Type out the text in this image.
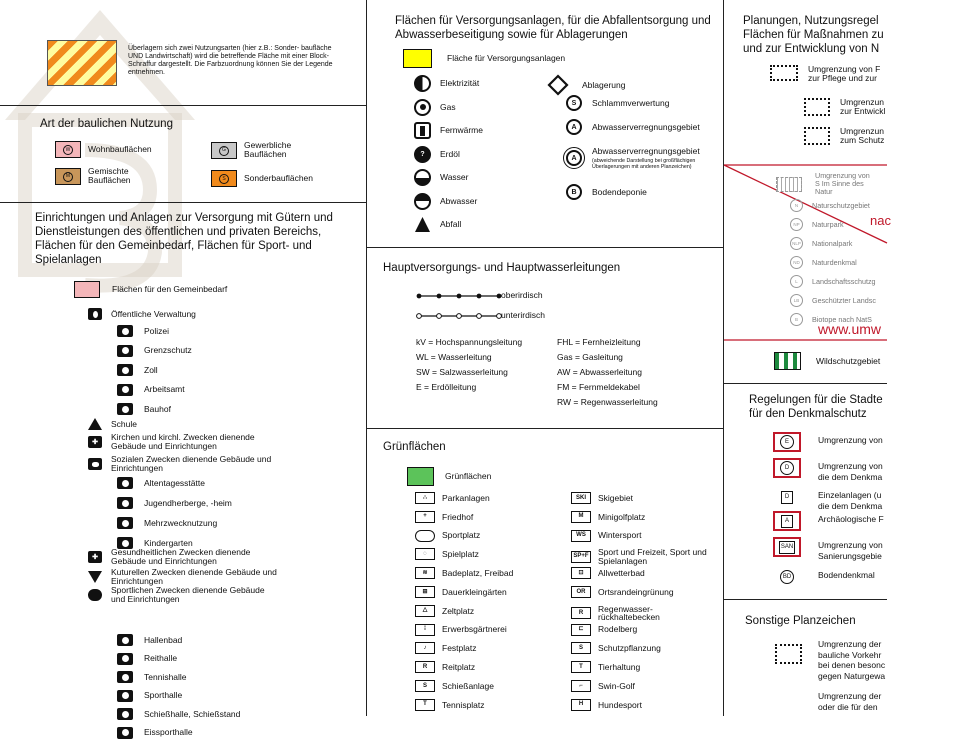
Überlagern sich zwei Nutzungsarten (hier z.B.: Sonder- baufläche UND Landwirtschaft) wird die betreffende Fläche mit einer Block-Schraffur dargestellt. Die Farbzuordnung können Sie der Legende entnehmen.
Art der baulichen Nutzung
W	Wohnbauflächen	G	Gewerbliche Bauflächen
M	Gemischte Bauflächen	S	Sonderbauflächen
Einrichtungen und Anlagen zur Versorgung mit Gütern und Dienstleistungen des öffentlichen und privaten Bereichs, Flächen für den Gemeinbedarf, Flächen für Sport- und Spielanlagen
Flächen für den Gemeinbedarf
Öffentliche Verwaltung
Polizei
Grenzschutz
Zoll
Arbeitsamt
Bauhof
Schule
✚	Kirchen und kirchl. Zwecken dienende Gebäude und Einrichtungen
Sozialen Zwecken dienende Gebäude und Einrichtungen
Altentagesstätte
Jugendherberge, -heim
Mehrzwecknutzung
Kindergarten
✚	Gesundheitlichen Zwecken dienende Gebäude und Einrichtungen
Kuturellen Zwecken dienende Gebäude und Einrichtungen
Sportlichen Zwecken dienende Gebäude und Einrichtungen
Hallenbad
Reithalle
Tennishalle
Sporthalle
Schießhalle, Schießstand
Eissporthalle
Flächen für Versorgungsanlagen, für die Abfallentsorgung und Abwasserbeseitigung sowie für Ablagerungen
Fläche für Versorgungsanlagen
Elektrizität
Gas
Fernwärme
?	Erdöl
Wasser
Abwasser
Abfall
Ablagerung
S	Schlammverwertung
A	Abwasserverregnungsgebiet
A
Abwasserverregnungsgebiet
(abweichende Darstellung bei großflächigen Überlagerungen mit anderen Planzeichen)
B	Bodendeponie
Hauptversorgungs- und Hauptwasserleitungen
oberirdisch
unterirdisch
kV = Hochspannungsleitung
WL = Wasserleitung
SW = Salzwasserleitung
E = Erdölleitung
FHL = Fernheizleitung
Gas = Gasleitung
AW = Abwasserleitung
FM = Fernmeldekabel
RW = Regenwasserleitung
Grünflächen
Grünflächen
∴	Parkanlagen
+	Friedhof
Sportplatz
◌	Spielplatz
≋	Badeplatz, Freibad
⊞	Dauerkleingärten
△	Zeltplatz
⁞	Erwerbsgärtnerei
♪	Festplatz
R	Reitplatz
S	Schießanlage
T	Tennisplatz
SKI	Skigebiet
M	Minigolfplatz
WS	Wintersport
SP+F Sport und Freizeit, Sport und Spielanlagen
⊡	Allwetterbad
OR	Ortsrandeingrünung
R	Regenwasser-rückhaltebecken
⊏	Rodelberg
S	Schutzpflanzung
T	Tierhaltung
⌐	Swin-Golf
H	Hundesport
Planungen, Nutzungsregel
Flächen für Maßnahmen zu
und zur Entwicklung von N
Umgrenzung von F zur Pflege und zur
Umgrenzun zur Entwickl
Umgrenzun zum Schutz
Umgrenzung von S Im Sinne des Natur
N	Naturschutzgebiet
NP	Naturpark
NLP Nationalpark
ND	Naturdenkmal
L	Landschaftsschutzg
LB	Geschützter Landsc
B	Biotope nach NatS
nac
www.umw
Wildschutzgebiet
Regelungen für die Stadte
für den Denkmalschutz
E	Umgrenzung von
D	Umgrenzung von die dem Denkma
D	Einzelanlagen (u die dem Denkma
A	Archäologische F
SAN	Umgrenzung von Sanierungsgebie
BD	Bodendenkmal
Sonstige Planzeichen
Umgrenzung der bauliche Vorkehr bei denen besonc gegen Naturgewa
Umgrenzung der oder die für den
